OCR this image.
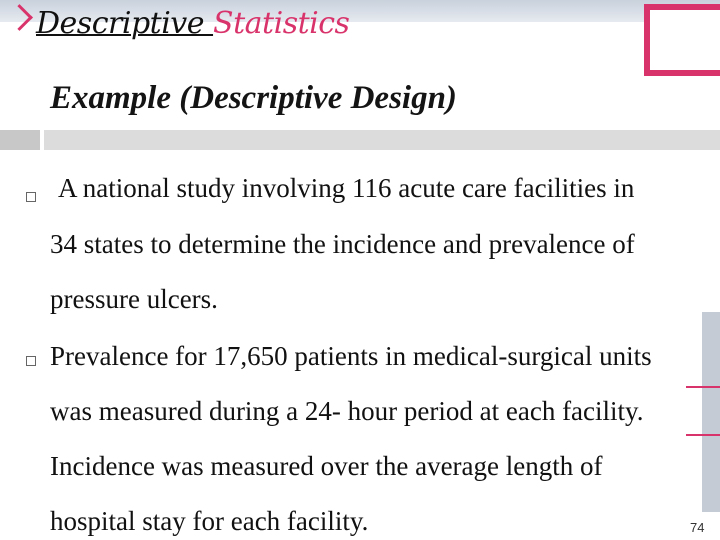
Descriptive Statistics
Example (Descriptive Design)
A national study involving 116 acute care facilities in
34 states to determine the incidence and prevalence of
pressure ulcers.
Prevalence for 17,650 patients in medical-surgical units
was measured during a 24- hour period at each facility.
Incidence was measured over the average length of
hospital stay for each facility.	74
